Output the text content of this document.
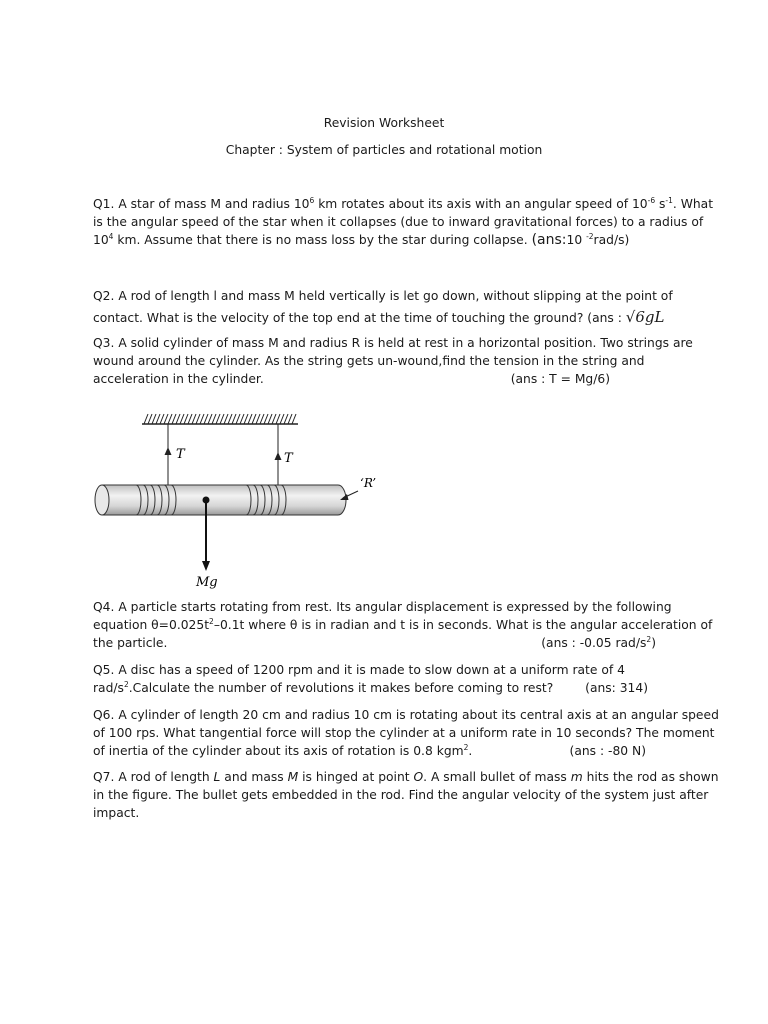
Revision Worksheet
Chapter : System of particles and rotational motion
Q1. A star of mass M and radius $10^6$ km rotates about its axis with an angular speed of $10^{-6}$ $s^{-1}$. What
is the angular speed of the star when it collapses (due to inward gravitational forces) to a radius of
$10^4$ km. Assume that there is no mass loss by the star during collapse. (ans:10 $^{-2}$rad/s)
Q2. A rod of length l and mass M held vertically is let go down, without slipping at the point of
contact. What is the velocity of the top end at the time of touching the ground? (ans : √6gL
Q3. A solid cylinder of mass M and radius R is held at rest in a horizontal position. Two strings are
wound around the cylinder. As the string gets un-wound,find the tension in the string and
acceleration in the cylinder.	(ans : T = Mg/6)
T	T
‘R’
Mg
Q4. A particle starts rotating from rest. Its angular displacement is expressed by the following
equation $\theta=0.025t^2-0.1t$ where θ is in radian and t is in seconds. What is the angular acceleration of
the particle.	(ans : -0.05 rad/$s^2$)
Q5. A disc has a speed of 1200 rpm and it is made to slow down at a uniform rate of 4
rad/$s^2.Calculate$ the number of revolutions it makes before coming to rest?	(ans: 314)
Q6. A cylinder of length 20 cm and radius 10 cm is rotating about its central axis at an angular speed
of 100 rps. What tangential force will stop the cylinder at a uniform rate in 10 seconds? The moment
of inertia of the cylinder about its axis of rotation is 0.8 kgm$^2$.	(ans : -80 N)
Q7. A rod of length L and mass M is hinged at point O. A small bullet of mass m hits the rod as shown
in the figure. The bullet gets embedded in the rod. Find the angular velocity of the system just after
impact.
